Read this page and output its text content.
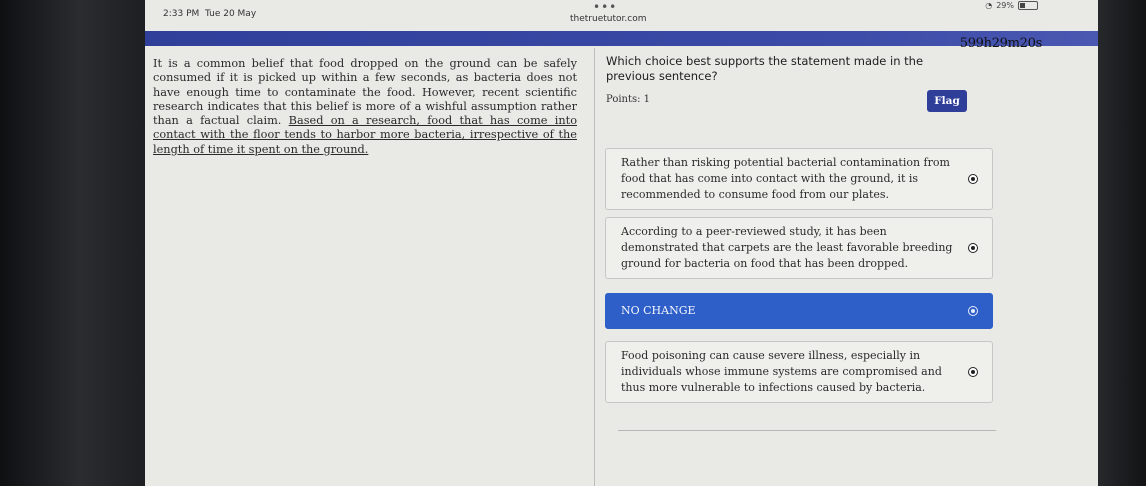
2:33 PM Tue 20 May	•••
thetruetutor.com
◔ 29%
599h29m20s
It is a common belief that food dropped on the ground can be safely consumed if it is picked up within a few seconds, as bacteria does not have enough time to contaminate the food. However, recent scientific research indicates that this belief is more of a wishful assumption rather than a factual claim. Based on a research, food that has come into contact with the floor tends to harbor more bacteria, irrespective of the length of time it spent on the ground.
Which choice best supports the statement made in the previous sentence?
Points: 1	Flag
Rather than risking potential bacterial contamination from food that has come into contact with the ground, it is recommended to consume food from our plates.
According to a peer-reviewed study, it has been demonstrated that carpets are the least favorable breeding ground for bacteria on food that has been dropped.
NO CHANGE
Food poisoning can cause severe illness, especially in individuals whose immune systems are compromised and thus more vulnerable to infections caused by bacteria.
